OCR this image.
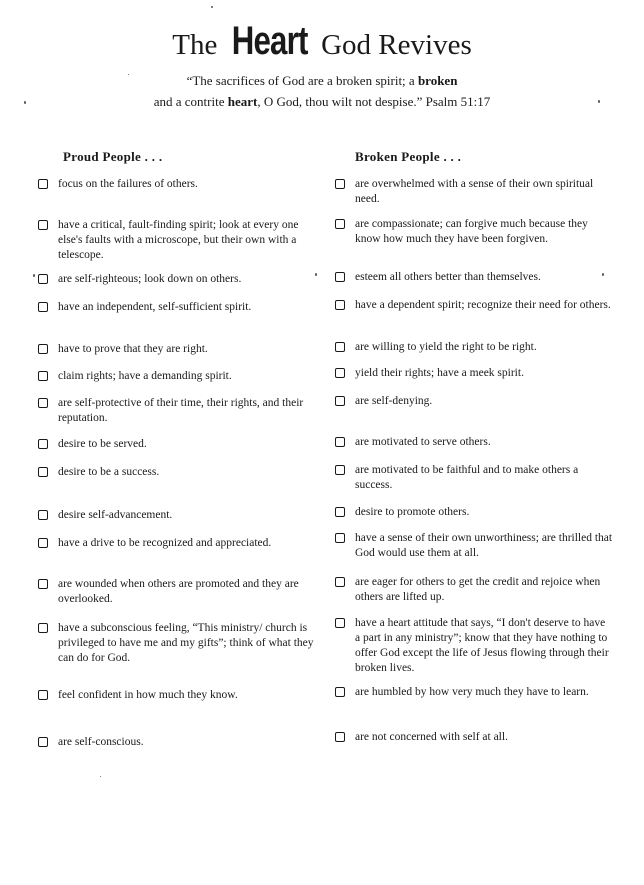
The Heart God Revives
“The sacrifices of God are a broken spirit; a broken
and a contrite heart, O God, thou wilt not despise.” Psalm 51:17
Proud People . . .	Broken People . . .
focus on the failures of others.
have a critical, fault-finding spirit; look at every one else's faults with a microscope, but their own with a telescope.
are self-righteous; look down on others.
have an independent, self-sufficient spirit.
have to prove that they are right.
claim rights; have a demanding spirit.
are self-protective of their time, their rights, and their reputation.
desire to be served.
desire to be a success.
desire self-advancement.
have a drive to be recognized and appreciated.
are wounded when others are promoted and they are overlooked.
have a subconscious feeling, “This ministry/ church is privileged to have me and my gifts”; think of what they can do for God.
feel confident in how much they know.
are self-conscious.
are overwhelmed with a sense of their own spiritual need.
are compassionate; can forgive much because they know how much they have been forgiven.
esteem all others better than themselves.
have a dependent spirit; recognize their need for others.
are willing to yield the right to be right.
yield their rights; have a meek spirit.
are self-denying.
are motivated to serve others.
are motivated to be faithful and to make others a success.
desire to promote others.
have a sense of their own unworthiness; are thrilled that God would use them at all.
are eager for others to get the credit and rejoice when others are lifted up.
have a heart attitude that says, “I don't deserve to have a part in any ministry”; know that they have nothing to offer God except the life of Jesus flowing through their broken lives.
are humbled by how very much they have to learn.
are not concerned with self at all.
